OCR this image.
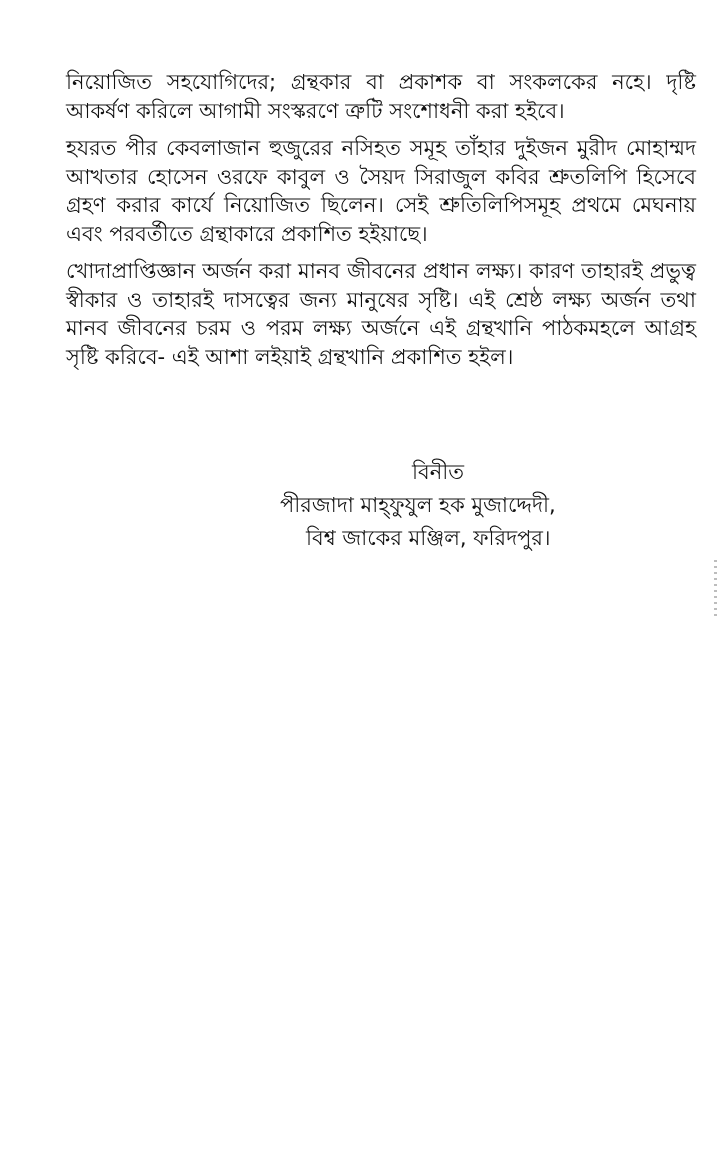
নিয়োজিত সহযোগিদের; গ্রন্থকার বা প্রকাশক বা সংকলকের নহে। দৃষ্টি আকর্ষণ করিলে আগামী সংস্করণে ত্রুটি সংশোধনী করা হইবে।

হযরত পীর কেবলাজান হুজুরের নসিহত সমূহ তাঁহার দুইজন মুরীদ মোহাম্মদ আখতার হোসেন ওরফে কাবুল ও সৈয়দ সিরাজুল কবির শ্রুতলিপি হিসেবে গ্রহণ করার কার্যে নিয়োজিত ছিলেন। সেই শ্রুতিলিপিসমূহ প্রথমে মেঘনায় এবং পরবর্তীতে গ্রন্থাকারে প্রকাশিত হইয়াছে।

খোদাপ্রাপ্তিজ্ঞান অর্জন করা মানব জীবনের প্রধান লক্ষ্য। কারণ তাহারই প্রভুত্ব স্বীকার ও তাহারই দাসত্বের জন্য মানুষের সৃষ্টি। এই শ্রেষ্ঠ লক্ষ্য অর্জন তথা মানব জীবনের চরম ও পরম লক্ষ্য অর্জনে এই গ্রন্থখানি পাঠকমহলে আগ্রহ সৃষ্টি করিবে- এই আশা লইয়াই গ্রন্থখানি প্রকাশিত হইল।

বিনীত
পীরজাদা মাহ্‌ফুযুল হক মুজাদ্দেদী,
বিশ্ব জাকের মঞ্জিল, ফরিদপুর।
